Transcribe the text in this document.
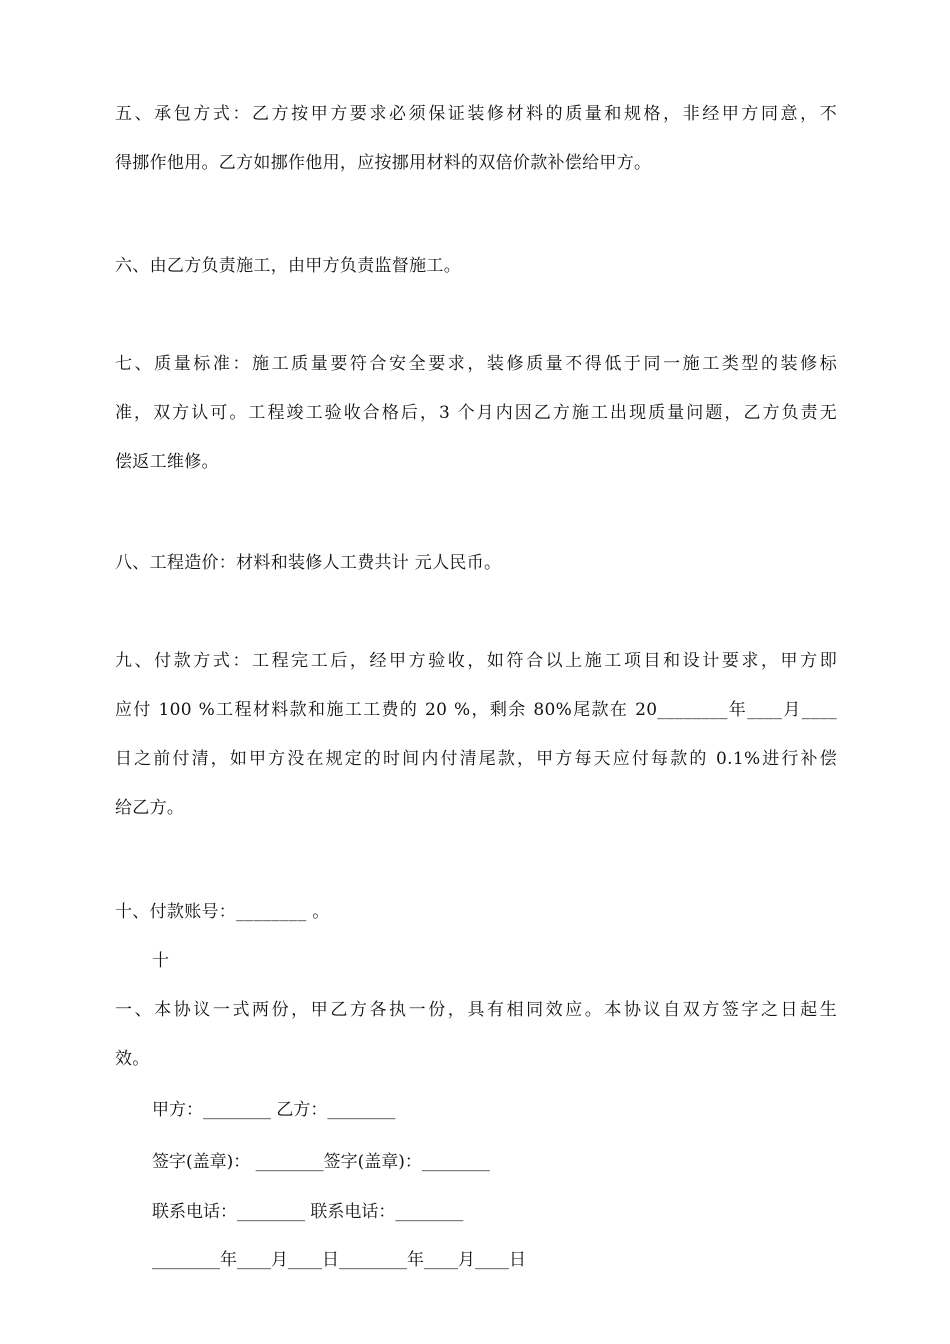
五、承包方式：乙方按甲方要求必须保证装修材料的质量和规格，非经甲方同意，不
得挪作他用。乙方如挪作他用，应按挪用材料的双倍价款补偿给甲方。
六、由乙方负责施工，由甲方负责监督施工。
七、质量标准：施工质量要符合安全要求，装修质量不得低于同一施工类型的装修标
准，双方认可。工程竣工验收合格后，3 个月内因乙方施工出现质量问题，乙方负责无
偿返工维修。
八、工程造价：材料和装修人工费共计 元人民币。
九、付款方式：工程完工后，经甲方验收，如符合以上施工项目和设计要求，甲方即
应付 100 %工程材料款和施工工费的 20 %，剩余 80%尾款在 20________年____月____
日之前付清，如甲方没在规定的时间内付清尾款，甲方每天应付每款的 0.1%进行补偿
给乙方。
十、付款账号：________ 。
十
一、本协议一式两份，甲乙方各执一份，具有相同效应。本协议自双方签字之日起生
效。
甲方：________ 乙方：________
签字(盖章)： ________签字(盖章)：________
联系电话：________ 联系电话：________
________年____月____日________年____月____日
